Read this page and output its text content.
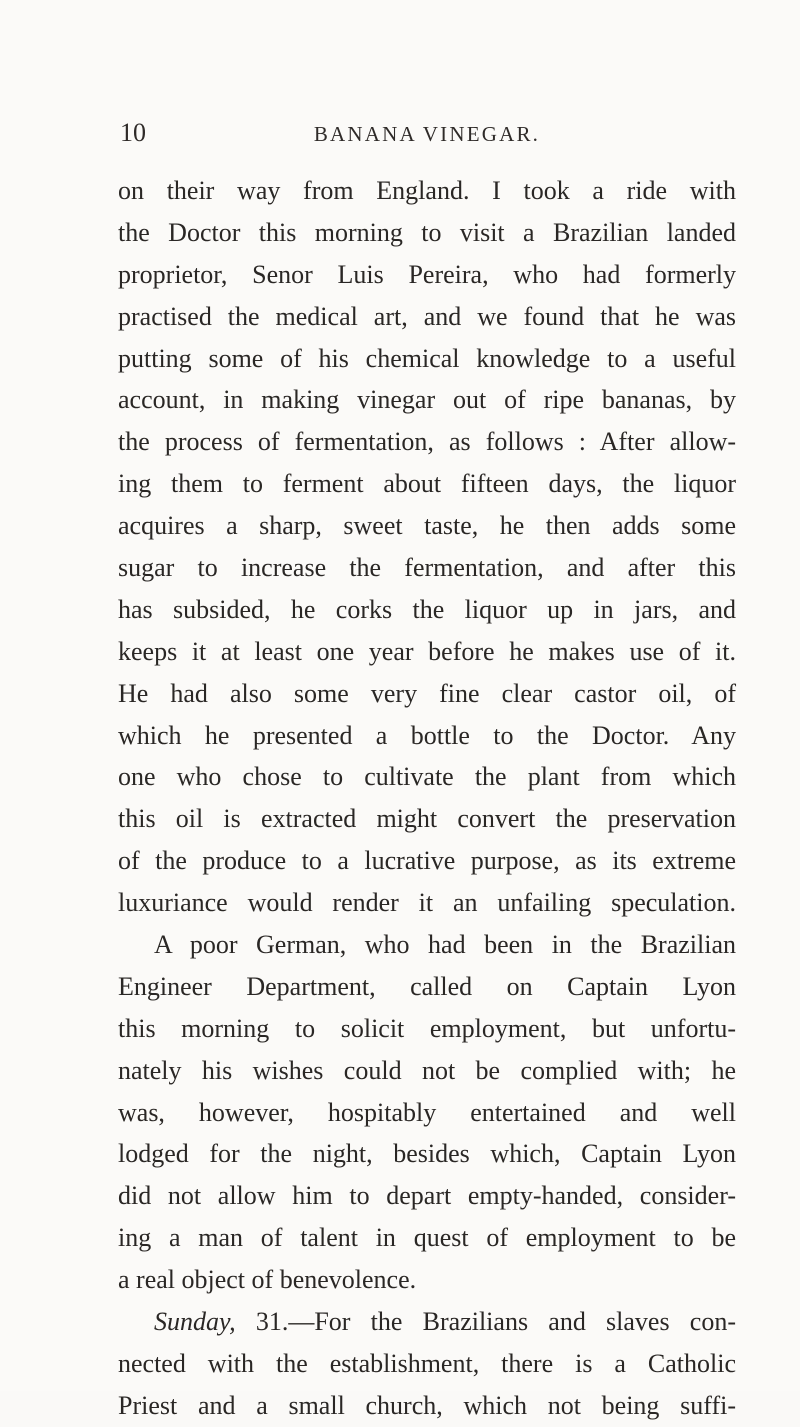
10	BANANA VINEGAR.
on their way from England. I took a ride with
the Doctor this morning to visit a Brazilian landed
proprietor, Senor Luis Pereira, who had formerly
practised the medical art, and we found that he was
putting some of his chemical knowledge to a useful
account, in making vinegar out of ripe bananas, by
the process of fermentation, as follows : After allow-
ing them to ferment about fifteen days, the liquor
acquires a sharp, sweet taste, he then adds some
sugar to increase the fermentation, and after this
has subsided, he corks the liquor up in jars, and
keeps it at least one year before he makes use of it.
He had also some very fine clear castor oil, of
which he presented a bottle to the Doctor. Any
one who chose to cultivate the plant from which
this oil is extracted might convert the preservation
of the produce to a lucrative purpose, as its extreme
luxuriance would render it an unfailing speculation.
A poor German, who had been in the Brazilian
Engineer Department, called on Captain Lyon
this morning to solicit employment, but unfortu-
nately his wishes could not be complied with; he
was, however, hospitably entertained and well
lodged for the night, besides which, Captain Lyon
did not allow him to depart empty-handed, consider-
ing a man of talent in quest of employment to be
a real object of benevolence.
Sunday, 31.—For the Brazilians and slaves con-
nected with the establishment, there is a Catholic
Priest and a small church, which not being suffi-
